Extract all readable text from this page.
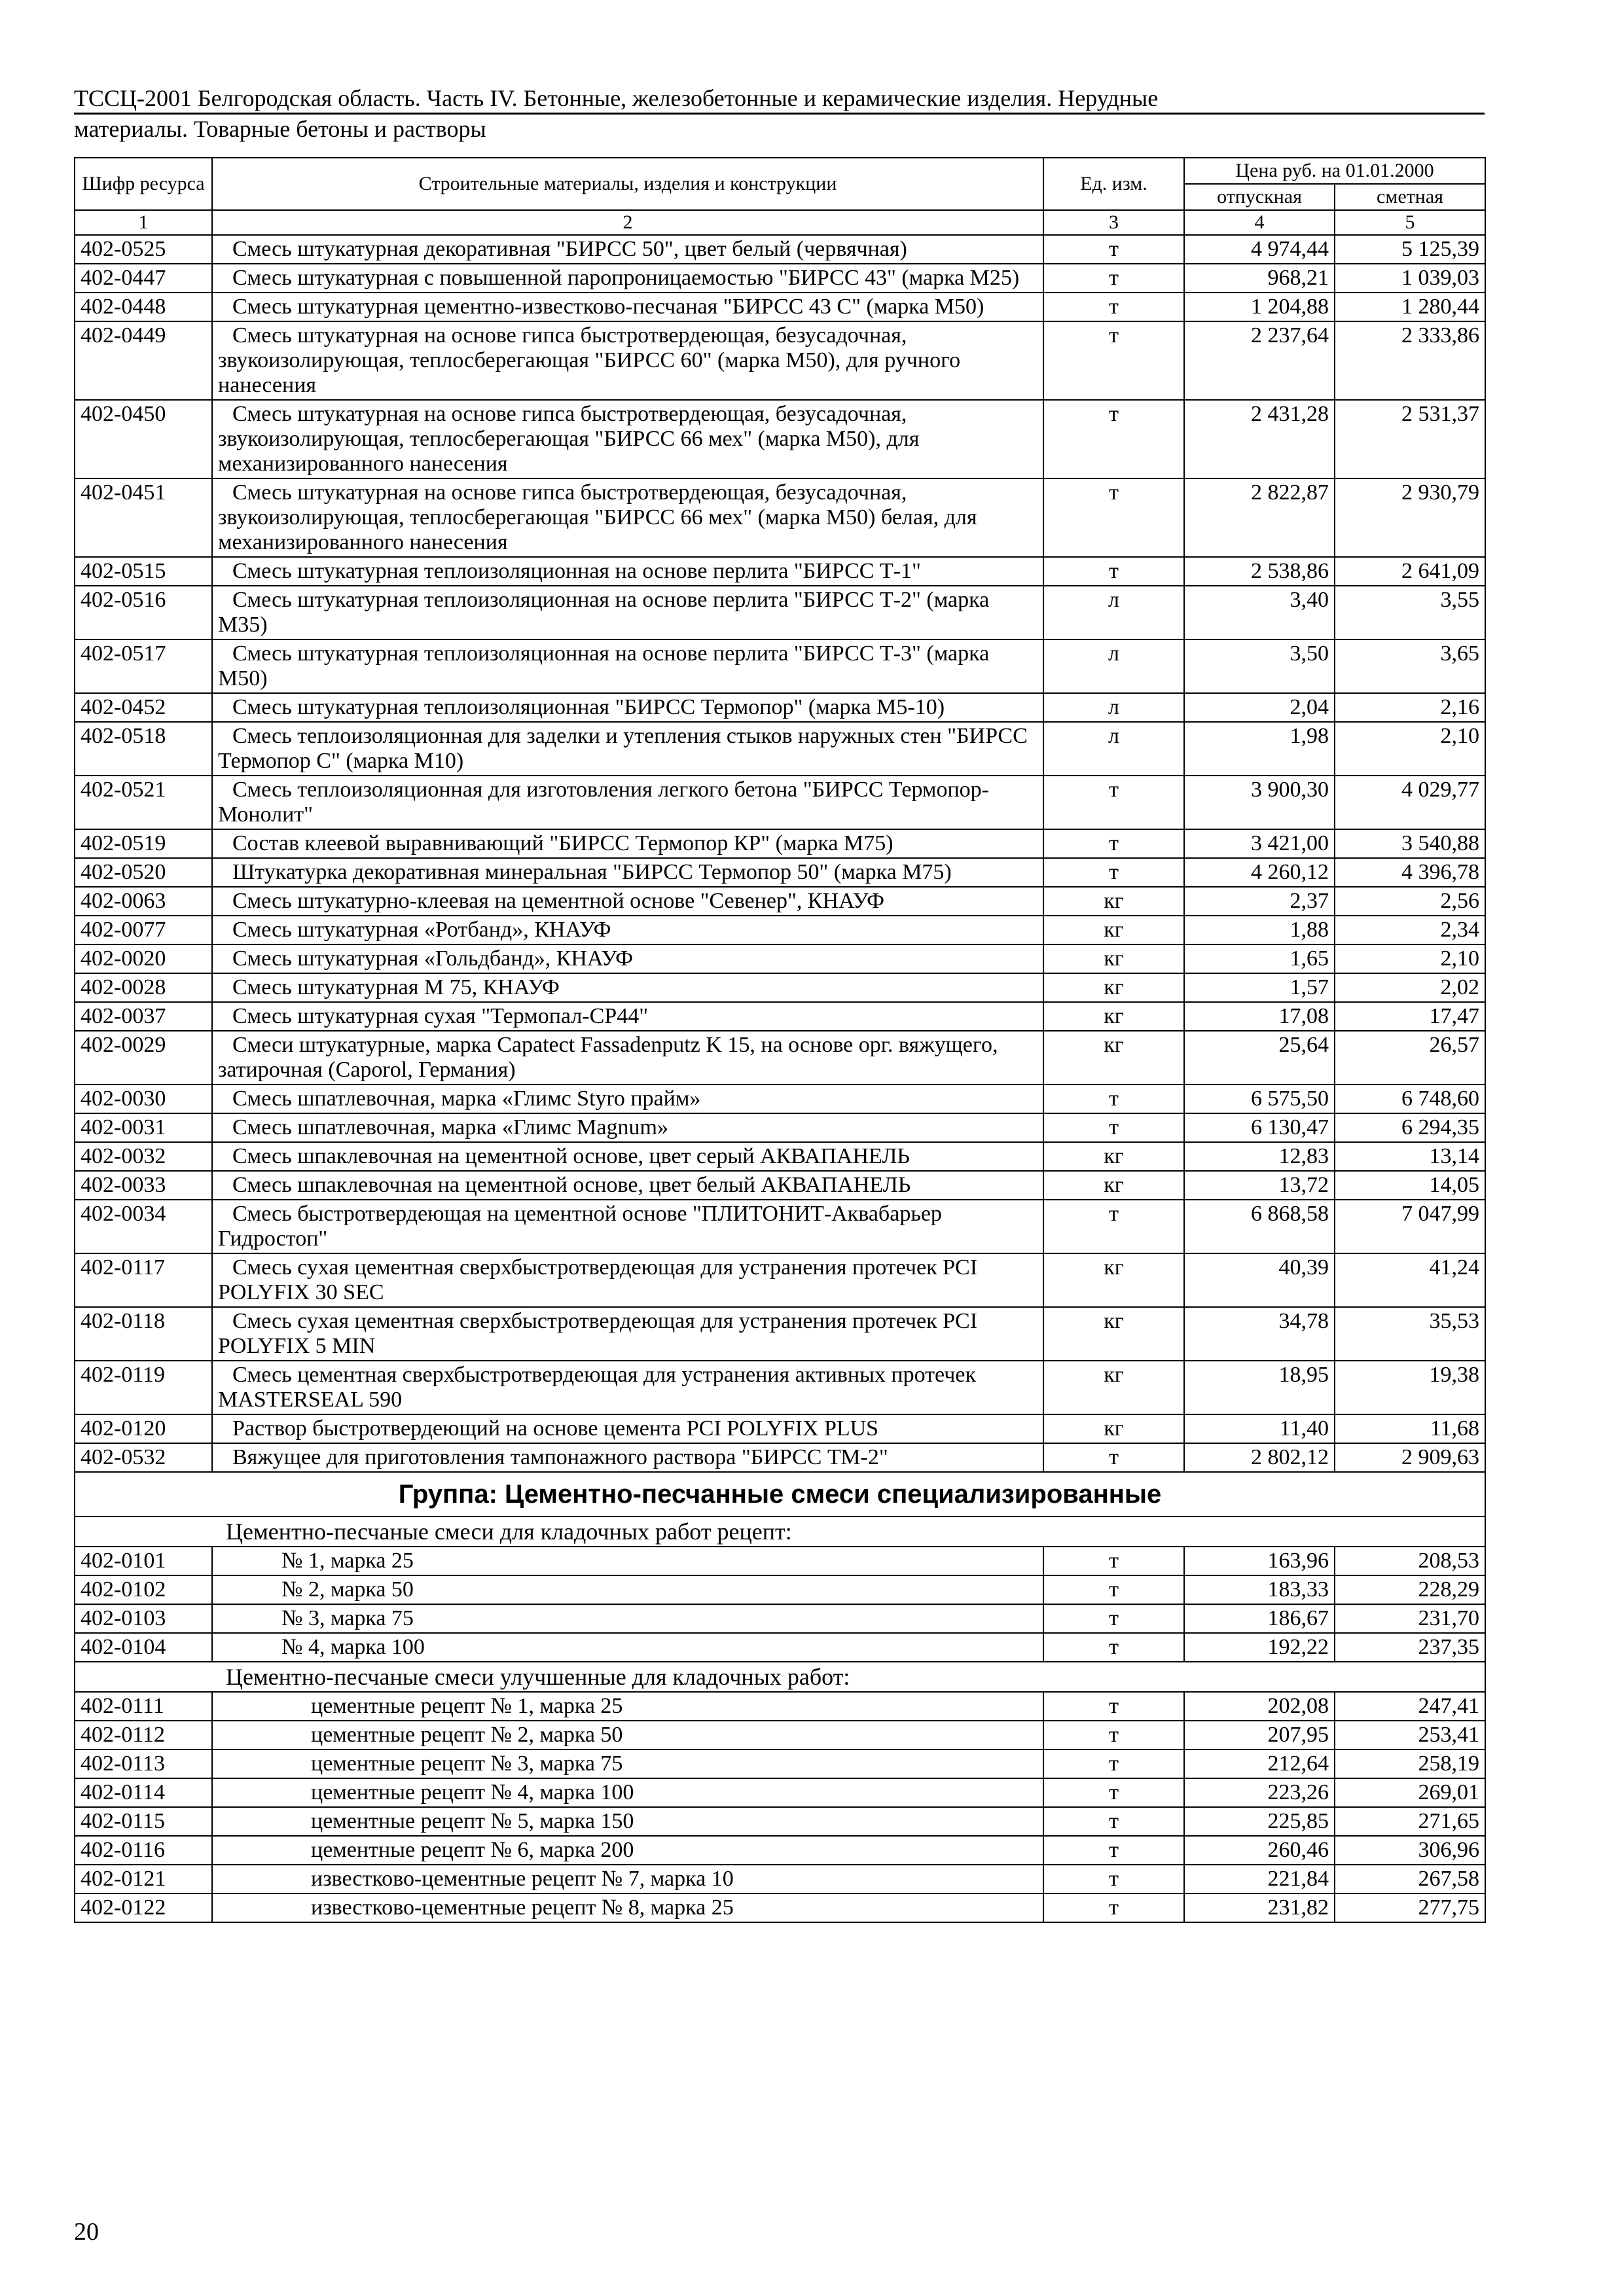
ТССЦ-2001 Белгородская область. Часть IV. Бетонные, железобетонные и керамические изделия. Нерудные
материалы. Товарные бетоны и растворы
Шифр ресурса	Строительные материалы, изделия и конструкции	Ед. изм.	Цена руб. на 01.01.2000	
			отпускная	сметная
1	2	3	4	5
402-0525	Смесь штукатурная декоративная "БИРСС 50", цвет белый (червячная)	т	4 974,44	5 125,39
402-0447	Смесь штукатурная с повышенной паропроницаемостью "БИРСС 43" (марка М25)	т	968,21	1 039,03
402-0448	Смесь штукатурная цементно-известково-песчаная "БИРСС 43 С" (марка М50)	т	1 204,88	1 280,44
402-0449	Смесь штукатурная на основе гипса быстротвердеющая, безусадочная, звукоизолирующая, теплосберегающая "БИРСС 60" (марка М50), для ручного нанесения	т	2 237,64	2 333,86
402-0450	Смесь штукатурная на основе гипса быстротвердеющая, безусадочная, звукоизолирующая, теплосберегающая "БИРСС 66 мех" (марка М50), для механизированного нанесения	т	2 431,28	2 531,37
402-0451	Смесь штукатурная на основе гипса быстротвердеющая, безусадочная, звукоизолирующая, теплосберегающая "БИРСС 66 мех" (марка М50) белая, для механизированного нанесения	т	2 822,87	2 930,79
402-0515	Смесь штукатурная теплоизоляционная на основе перлита "БИРСС Т-1"	т	2 538,86	2 641,09
402-0516	Смесь штукатурная теплоизоляционная на основе перлита "БИРСС Т-2" (марка М35)	л	3,40	3,55
402-0517	Смесь штукатурная теплоизоляционная на основе перлита "БИРСС Т-3" (марка М50)	л	3,50	3,65
402-0452	Смесь штукатурная теплоизоляционная "БИРСС Термопор" (марка М5-10)	л	2,04	2,16
402-0518	Смесь теплоизоляционная для заделки и утепления стыков наружных стен "БИРСС Термопор С" (марка М10)	л	1,98	2,10
402-0521	Смесь теплоизоляционная для изготовления легкого бетона "БИРСС Термопор-Монолит"	т	3 900,30	4 029,77
402-0519	Состав клеевой выравнивающий "БИРСС Термопор КР" (марка М75)	т	3 421,00	3 540,88
402-0520	Штукатурка декоративная минеральная "БИРСС Термопор 50" (марка М75)	т	4 260,12	4 396,78
402-0063	Смесь штукатурно-клеевая на цементной основе "Севенер", КНАУФ	кг	2,37	2,56
402-0077	Смесь штукатурная «Ротбанд», КНАУФ	кг	1,88	2,34
402-0020	Смесь штукатурная «Гольдбанд», КНАУФ	кг	1,65	2,10
402-0028	Смесь штукатурная М 75, КНАУФ	кг	1,57	2,02
402-0037	Смесь штукатурная сухая "Термопал-СР44"	кг	17,08	17,47
402-0029	Смеси штукатурные, марка Capatect Fassadenputz K 15, на основе орг. вяжущего, затирочная (Caporol, Германия)	кг	25,64	26,57
402-0030	Смесь шпатлевочная, марка «Глимс Styro прайм»	т	6 575,50	6 748,60
402-0031	Смесь шпатлевочная, марка «Глимс Magnum»	т	6 130,47	6 294,35
402-0032	Смесь шпаклевочная на цементной основе, цвет серый АКВАПАНЕЛЬ	кг	12,83	13,14
402-0033	Смесь шпаклевочная на цементной основе, цвет белый АКВАПАНЕЛЬ	кг	13,72	14,05
402-0034	Смесь быстротвердеющая на цементной основе "ПЛИТОНИТ-Аквабарьер Гидростоп"	т	6 868,58	7 047,99
402-0117	Смесь сухая цементная сверхбыстротвердеющая для устранения протечек PCI POLYFIX 30 SEC	кг	40,39	41,24
402-0118	Смесь сухая цементная сверхбыстротвердеющая для устранения протечек PCI POLYFIX 5 MIN	кг	34,78	35,53
402-0119	Смесь цементная сверхбыстротвердеющая для устранения активных протечек MASTERSEAL 590	кг	18,95	19,38
402-0120	Раствор быстротвердеющий на основе цемента PCI POLYFIX PLUS	кг	11,40	11,68
402-0532	Вяжущее для приготовления тампонажного раствора "БИРСС ТМ-2"	т	2 802,12	2 909,63
Группа: Цементно-песчанные смеси специализированные				
Цементно-песчаные смеси для кладочных работ рецепт:				
402-0101	№ 1, марка 25	т	163,96	208,53
402-0102	№ 2, марка 50	т	183,33	228,29
402-0103	№ 3, марка 75	т	186,67	231,70
402-0104	№ 4, марка 100	т	192,22	237,35
Цементно-песчаные смеси улучшенные для кладочных работ:				
402-0111	цементные рецепт № 1, марка 25	т	202,08	247,41
402-0112	цементные рецепт № 2, марка 50	т	207,95	253,41
402-0113	цементные рецепт № 3, марка 75	т	212,64	258,19
402-0114	цементные рецепт № 4, марка 100	т	223,26	269,01
402-0115	цементные рецепт № 5, марка 150	т	225,85	271,65
402-0116	цементные рецепт № 6, марка 200	т	260,46	306,96
402-0121	известково-цементные рецепт № 7, марка 10	т	221,84	267,58
402-0122	известково-цементные рецепт № 8, марка 25	т	231,82	277,75
20
